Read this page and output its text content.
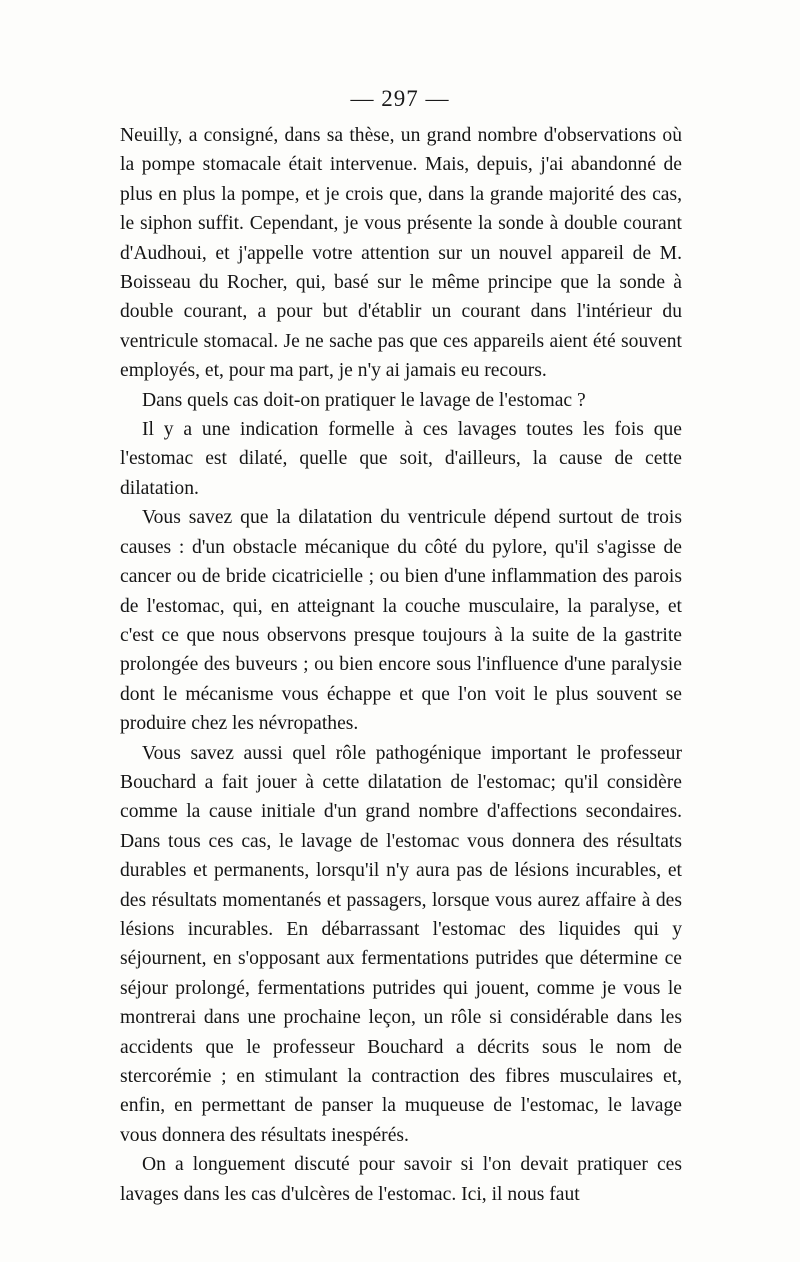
— 297 —

Neuilly, a consigné, dans sa thèse, un grand nombre d'observations où la pompe stomacale était intervenue. Mais, depuis, j'ai abandonné de plus en plus la pompe, et je crois que, dans la grande majorité des cas, le siphon suffit. Cependant, je vous présente la sonde à double courant d'Audhoui, et j'appelle votre attention sur un nouvel appareil de M. Boisseau du Rocher, qui, basé sur le même principe que la sonde à double courant, a pour but d'établir un courant dans l'intérieur du ventricule stomacal. Je ne sache pas que ces appareils aient été souvent employés, et, pour ma part, je n'y ai jamais eu recours.

Dans quels cas doit-on pratiquer le lavage de l'estomac ?

Il y a une indication formelle à ces lavages toutes les fois que l'estomac est dilaté, quelle que soit, d'ailleurs, la cause de cette dilatation.

Vous savez que la dilatation du ventricule dépend surtout de trois causes : d'un obstacle mécanique du côté du pylore, qu'il s'agisse de cancer ou de bride cicatricielle ; ou bien d'une inflammation des parois de l'estomac, qui, en atteignant la couche musculaire, la paralyse, et c'est ce que nous observons presque toujours à la suite de la gastrite prolongée des buveurs ; ou bien encore sous l'influence d'une paralysie dont le mécanisme vous échappe et que l'on voit le plus souvent se produire chez les névropathes.

Vous savez aussi quel rôle pathogénique important le professeur Bouchard a fait jouer à cette dilatation de l'estomac; qu'il considère comme la cause initiale d'un grand nombre d'affections secondaires. Dans tous ces cas, le lavage de l'estomac vous donnera des résultats durables et permanents, lorsqu'il n'y aura pas de lésions incurables, et des résultats momentanés et passagers, lorsque vous aurez affaire à des lésions incurables. En débarrassant l'estomac des liquides qui y séjournent, en s'opposant aux fermentations putrides que détermine ce séjour prolongé, fermentations putrides qui jouent, comme je vous le montrerai dans une prochaine leçon, un rôle si considérable dans les accidents que le professeur Bouchard a décrits sous le nom de stercorémie ; en stimulant la contraction des fibres musculaires et, enfin, en permettant de panser la muqueuse de l'estomac, le lavage vous donnera des résultats inespérés.

On a longuement discuté pour savoir si l'on devait pratiquer ces lavages dans les cas d'ulcères de l'estomac. Ici, il nous faut
